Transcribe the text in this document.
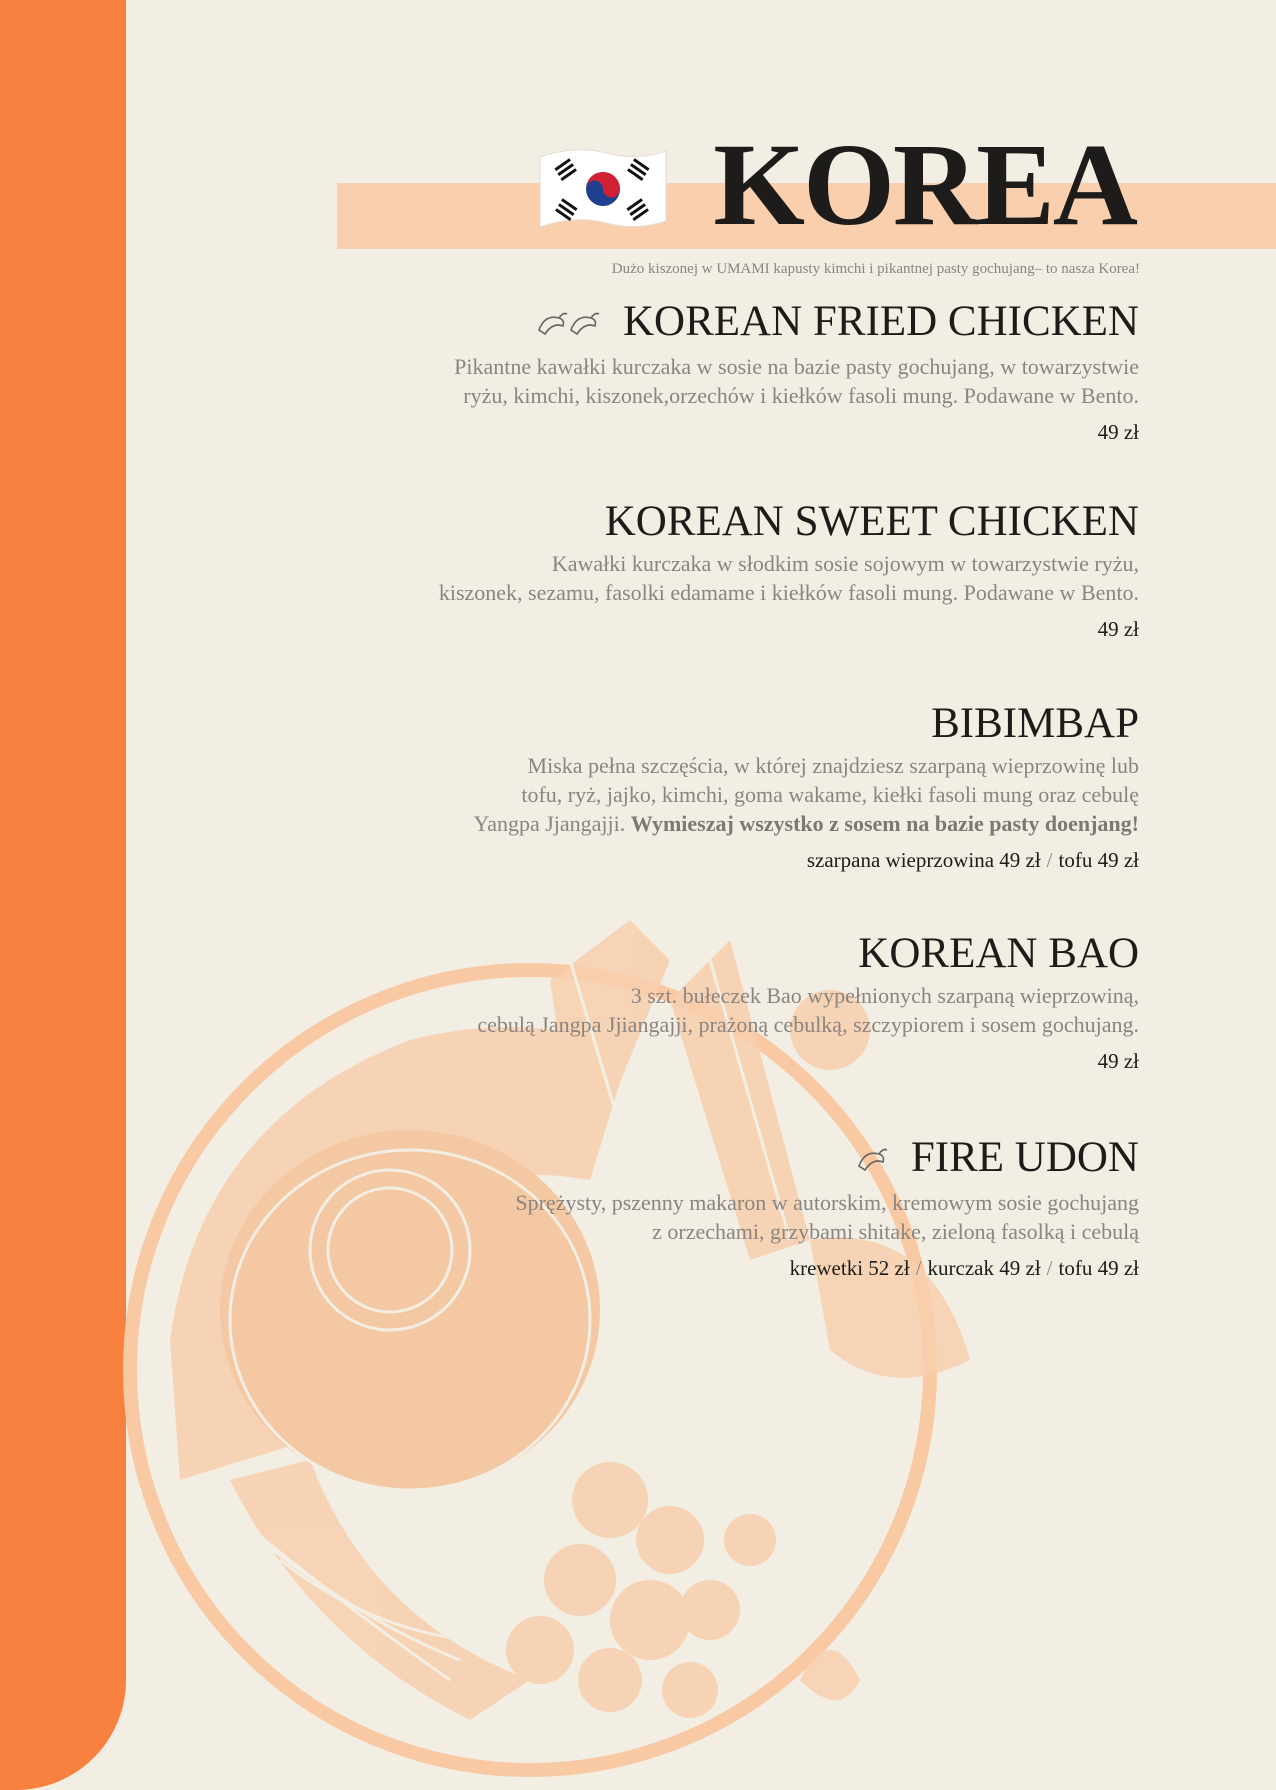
KOREA
Dużo kiszonej w UMAMI kapusty kimchi i pikantnej pasty gochujang– to nasza Korea!
KOREAN FRIED CHICKEN
Pikantne kawałki kurczaka w sosie na bazie pasty gochujang, w towarzystwie
ryżu, kimchi, kiszonek,orzechów i kiełków fasoli mung. Podawane w Bento.
49 zł
KOREAN SWEET CHICKEN
Kawałki kurczaka w słodkim sosie sojowym w towarzystwie ryżu,
kiszonek, sezamu, fasolki edamame i kiełków fasoli mung. Podawane w Bento.
49 zł
BIBIMBAP
Miska pełna szczęścia, w której znajdziesz szarpaną wieprzowinę lub
tofu, ryż, jajko, kimchi, goma wakame, kiełki fasoli mung oraz cebulę
Yangpa Jjangajji. Wymieszaj wszystko z sosem na bazie pasty doenjang!
szarpana wieprzowina 49 zł / tofu 49 zł
KOREAN BAO
3 szt. bułeczek Bao wypełnionych szarpaną wieprzowiną,
cebulą Jangpa Jjiangajji, prażoną cebulką, szczypiorem i sosem gochujang.
49 zł
FIRE UDON
Sprężysty, pszenny makaron w autorskim, kremowym sosie gochujang
z orzechami, grzybami shitake, zieloną fasolką i cebulą
krewetki 52 zł / kurczak 49 zł / tofu 49 zł
